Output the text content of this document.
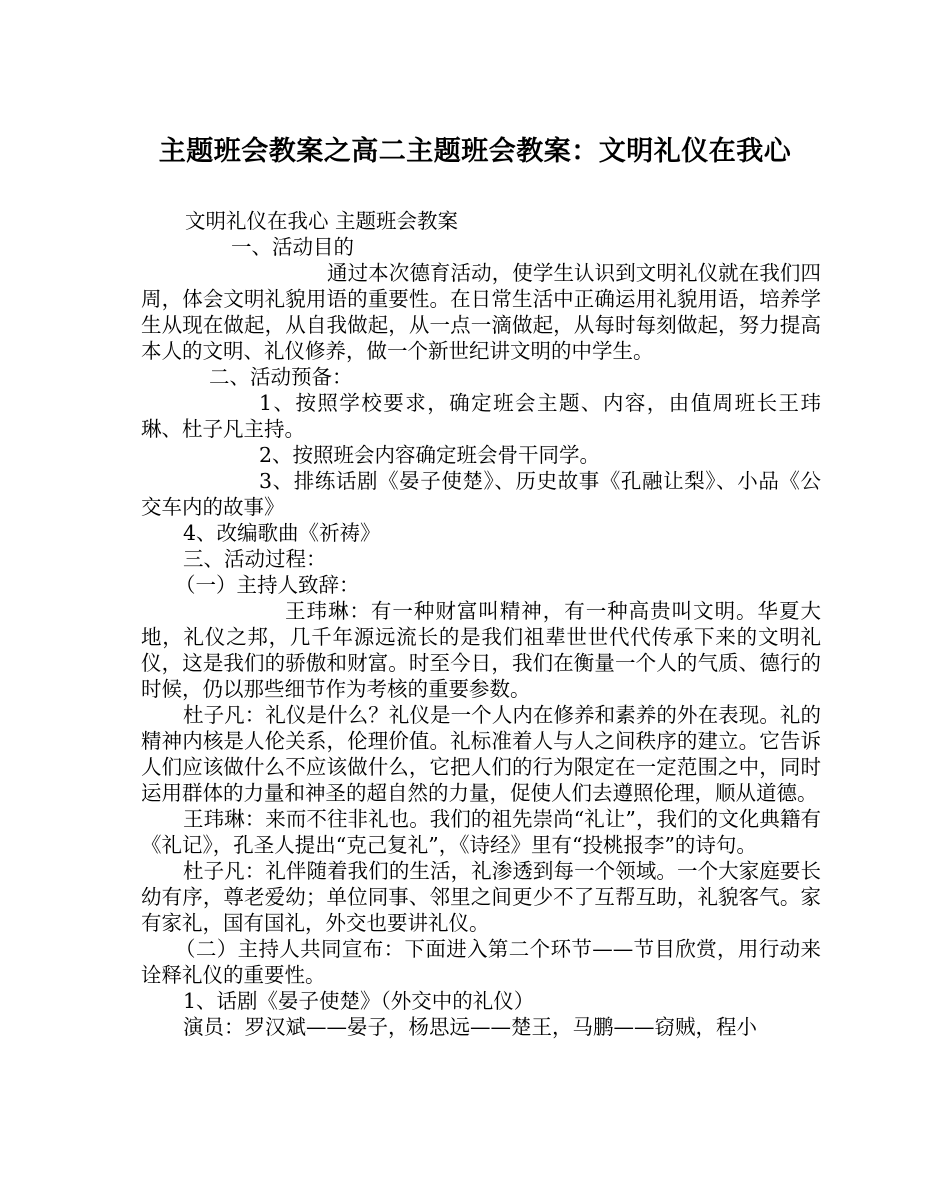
主题班会教案之高二主题班会教案：文明礼仪在我心

文明礼仪在我心 主题班会教案

一、活动目的

通过本次德育活动，使学生认识到文明礼仪就在我们四周，体会文明礼貌用语的重要性。在日常生活中正确运用礼貌用语，培养学生从现在做起，从自我做起，从一点一滴做起，从每时每刻做起，努力提高本人的文明、礼仪修养，做一个新世纪讲文明的中学生。

二、活动预备：

1、按照学校要求，确定班会主题、内容，由值周班长王玮琳、杜子凡主持。

2、按照班会内容确定班会骨干同学。

3、排练话剧《晏子使楚》、历史故事《孔融让梨》、小品《公交车内的故事》

4、改编歌曲《祈祷》

三、活动过程：

（一）主持人致辞：

王玮琳：有一种财富叫精神，有一种高贵叫文明。华夏大地，礼仪之邦，几千年源远流长的是我们祖辈世世代代传承下来的文明礼仪，这是我们的骄傲和财富。时至今日，我们在衡量一个人的气质、德行的时候，仍以那些细节作为考核的重要参数。

杜子凡：礼仪是什么？礼仪是一个人内在修养和素养的外在表现。礼的精神内核是人伦关系，伦理价值。礼标准着人与人之间秩序的建立。它告诉人们应该做什么不应该做什么，它把人们的行为限定在一定范围之中，同时运用群体的力量和神圣的超自然的力量，促使人们去遵照伦理，顺从道德。

王玮琳：来而不往非礼也。我们的祖先崇尚“礼让”，我们的文化典籍有《礼记》，孔圣人提出“克己复礼”，《诗经》里有“投桃报李”的诗句。

杜子凡：礼伴随着我们的生活，礼渗透到每一个领域。一个大家庭要长幼有序，尊老爱幼；单位同事、邻里之间更少不了互帮互助，礼貌客气。家有家礼，国有国礼，外交也要讲礼仪。

（二）主持人共同宣布：下面进入第二个环节——节目欣赏，用行动来诠释礼仪的重要性。

1、话剧《晏子使楚》（外交中的礼仪）

演员：罗汉斌——晏子，杨思远——楚王，马鹏——窃贼，程小
